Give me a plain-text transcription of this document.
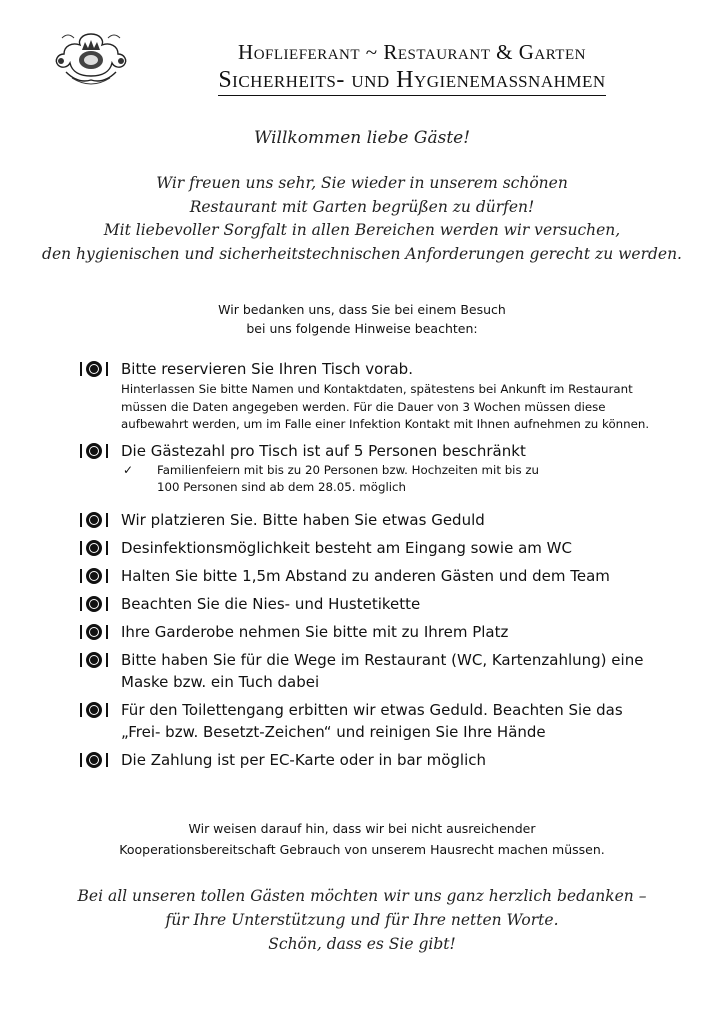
Hoflieferant ~ Restaurant & Garten
Sicherheits- und Hygienemaßnahmen
Willkommen liebe Gäste!
Wir freuen uns sehr, Sie wieder in unserem schönen
Restaurant mit Garten begrüßen zu dürfen!
Mit liebevoller Sorgfalt in allen Bereichen werden wir versuchen,
den hygienischen und sicherheitstechnischen Anforderungen gerecht zu werden.
Wir bedanken uns, dass Sie bei einem Besuch
bei uns folgende Hinweise beachten:
Bitte reservieren Sie Ihren Tisch vorab.
Hinterlassen Sie bitte Namen und Kontaktdaten, spätestens bei Ankunft im Restaurant
müssen die Daten angegeben werden. Für die Dauer von 3 Wochen müssen diese
aufbewahrt werden, um im Falle einer Infektion Kontakt mit Ihnen aufnehmen zu können.
Die Gästezahl pro Tisch ist auf 5 Personen beschränkt
✓ Familienfeiern mit bis zu 20 Personen bzw. Hochzeiten mit bis zu
100 Personen sind ab dem 28.05. möglich
Wir platzieren Sie. Bitte haben Sie etwas Geduld
Desinfektionsmöglichkeit besteht am Eingang sowie am WC
Halten Sie bitte 1,5m Abstand zu anderen Gästen und dem Team
Beachten Sie die Nies- und Hustetikette
Ihre Garderobe nehmen Sie bitte mit zu Ihrem Platz
Bitte haben Sie für die Wege im Restaurant (WC, Kartenzahlung) eine
Maske bzw. ein Tuch dabei
Für den Toilettengang erbitten wir etwas Geduld. Beachten Sie das
„Frei- bzw. Besetzt-Zeichen“ und reinigen Sie Ihre Hände
Die Zahlung ist per EC-Karte oder in bar möglich
Wir weisen darauf hin, dass wir bei nicht ausreichender
Kooperationsbereitschaft Gebrauch von unserem Hausrecht machen müssen.
Bei all unseren tollen Gästen möchten wir uns ganz herzlich bedanken –
für Ihre Unterstützung und für Ihre netten Worte.
Schön, dass es Sie gibt!
